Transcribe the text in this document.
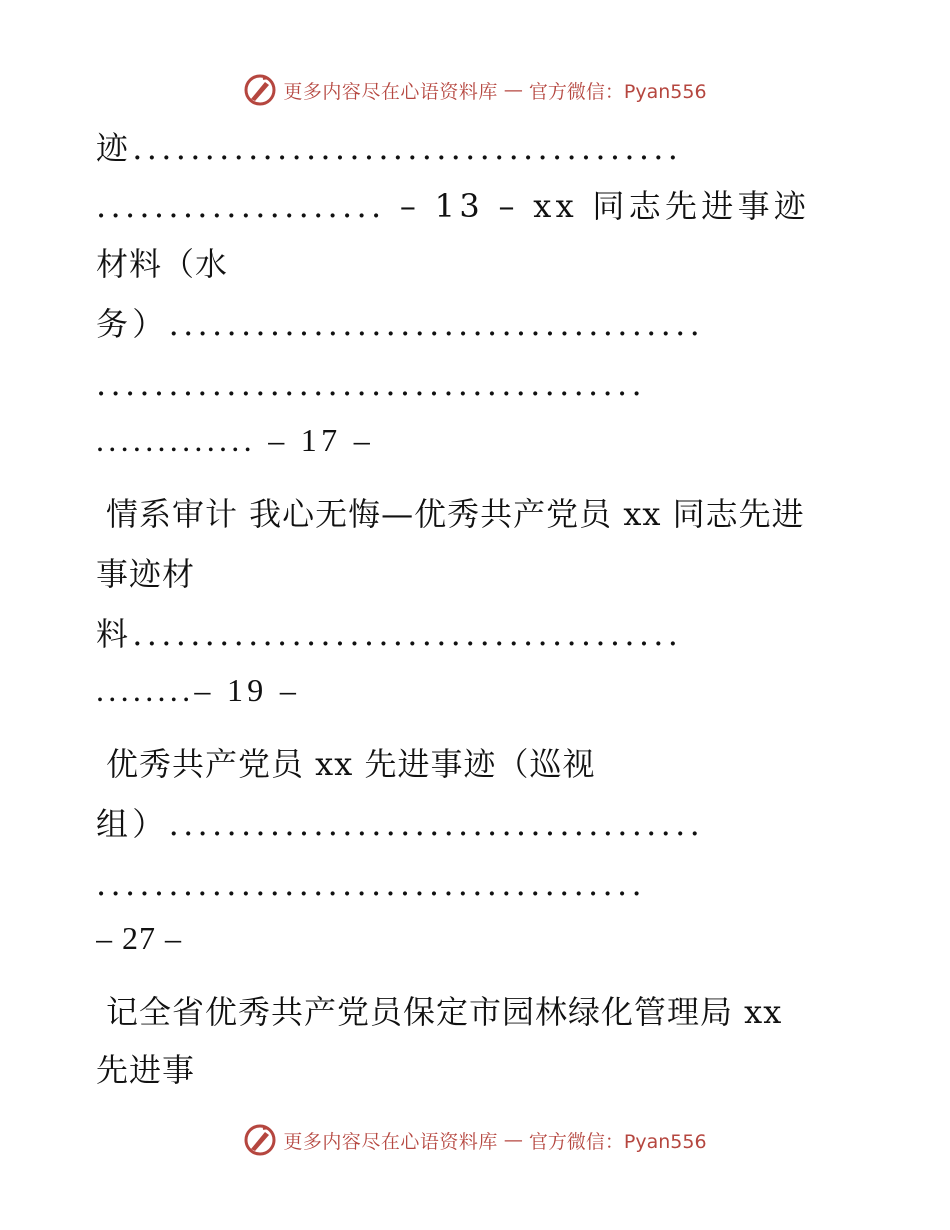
更多内容尽在心语资料库 — 官方微信：Pyan556
迹......................................
.................... – 13 – xx 同志先进事迹
材料（水
务）.....................................
......................................
............. – 17 –
情系审计 我心无悔—优秀共产党员 xx 同志先进
事迹材
料......................................
........– 19 –
优秀共产党员 xx 先进事迹（巡视
组）.....................................
......................................
– 27 –
记全省优秀共产党员保定市园林绿化管理局 xx
先进事
更多内容尽在心语资料库 — 官方微信：Pyan556
